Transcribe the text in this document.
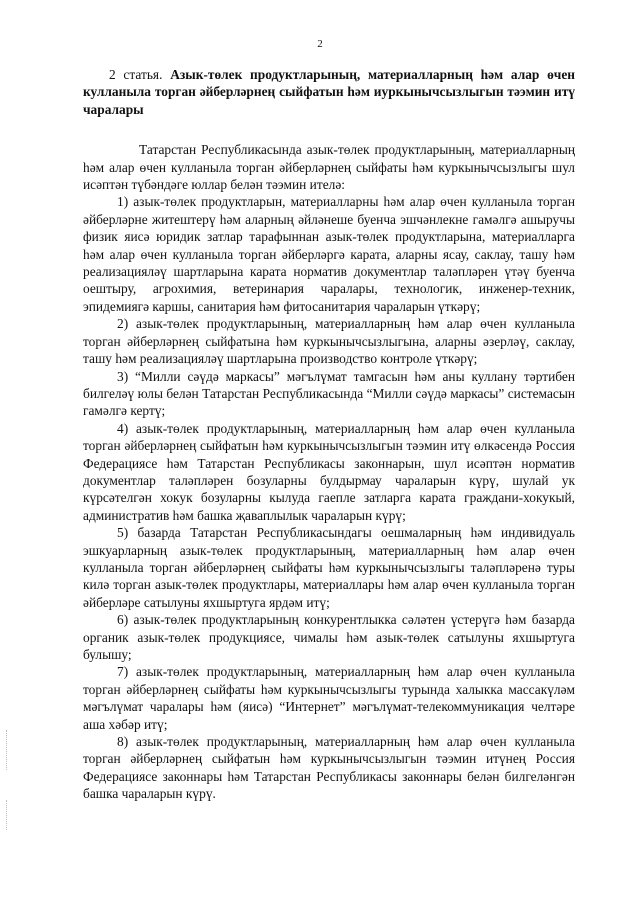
2

2 статья. Азык-төлек продуктларының, материалларның һәм алар өчен кулланыла торган әйберләрнең сыйфатын һәм иуркынычсызлыгын тәэмин итү чаралары

Татарстан Республикасында азык-төлек продуктларының, материалларның һәм алар өчен кулланыла торган әйберләрнең сыйфаты һәм куркынычсызлыгы шул исәптән түбәндәге юллар белән тәэмин ителә:

1) азык-төлек продуктларын, материалларны һәм алар өчен кулланыла торган әйберләрне житештерү һәм аларның әйләнеше буенча эшчәнлекне гамәлгә ашыручы физик яисә юридик затлар тарафыннан азык-төлек продуктларына, материалларга һәм алар өчен кулланыла торган әйберләргә карата, аларны ясау, саклау, ташу һәм реализацияләү шартларына карата норматив документлар таләпләрен үтәү буенча оештыру, агрохимия, ветеринария чаралары, технологик, инженер-техник, эпидемиягә каршы, санитария һәм фитосанитария чараларын үткәрү;

2) азык-төлек продуктларының, материалларның һәм алар өчен кулланыла торган әйберләрнең сыйфатына һәм куркынычсызлыгына, аларны әзерләү, саклау, ташу һәм реализацияләү шартларына производство контроле үткәрү;

3) “Милли сәүдә маркасы” мәгълүмат тамгасын һәм аны куллану тәртибен билгеләү юлы белән Татарстан Республикасында “Милли сәүдә маркасы” системасын гамәлгә кертү;

4) азык-төлек продуктларының, материалларның һәм алар өчен кулланыла торган әйберләрнең сыйфатын һәм куркынычсызлыгын тәэмин итү өлкәсендә Россия Федерациясе һәм Татарстан Республикасы законнарын, шул исәптән норматив документлар таләпләрен бозуларны булдырмау чараларын күрү, шулай ук күрсәтелгән хокук бозуларны кылуда гаепле затларга карата граждани-хокукый, административ һәм башка җаваплылык чараларын күрү;

5) базарда Татарстан Республикасындагы оешмаларның һәм индивидуаль эшкуарларның азык-төлек продуктларының, материалларның һәм алар өчен кулланыла торган әйберләрнең сыйфаты һәм куркынычсызлыгы таләпләренә туры килә торган азык-төлек продуктлары, материаллары һәм алар өчен кулланыла торган әйберләре сатылуны яхшыртуга ярдәм итү;

6) азык-төлек продуктларының конкурентлыкка сәләтен үстерүгә һәм базарда органик азык-төлек продукциясе, чималы һәм азык-төлек сатылуны яхшыртуга булышу;

7) азык-төлек продуктларының, материалларның һәм алар өчен кулланыла торган әйберләрнең сыйфаты һәм куркынычсызлыгы турында халыкка массакүләм мәгълүмат чаралары һәм (яисә) “Интернет” мәгълүмат-телекоммуникация челтәре аша хәбәр итү;

8) азык-төлек продуктларының, материалларның һәм алар өчен кулланыла торган әйберләрнең сыйфатын һәм куркынычсызлыгын тәэмин итүнең Россия Федерациясе законнары һәм Татарстан Республикасы законнары белән билгеләнгән башка чараларын күрү.
